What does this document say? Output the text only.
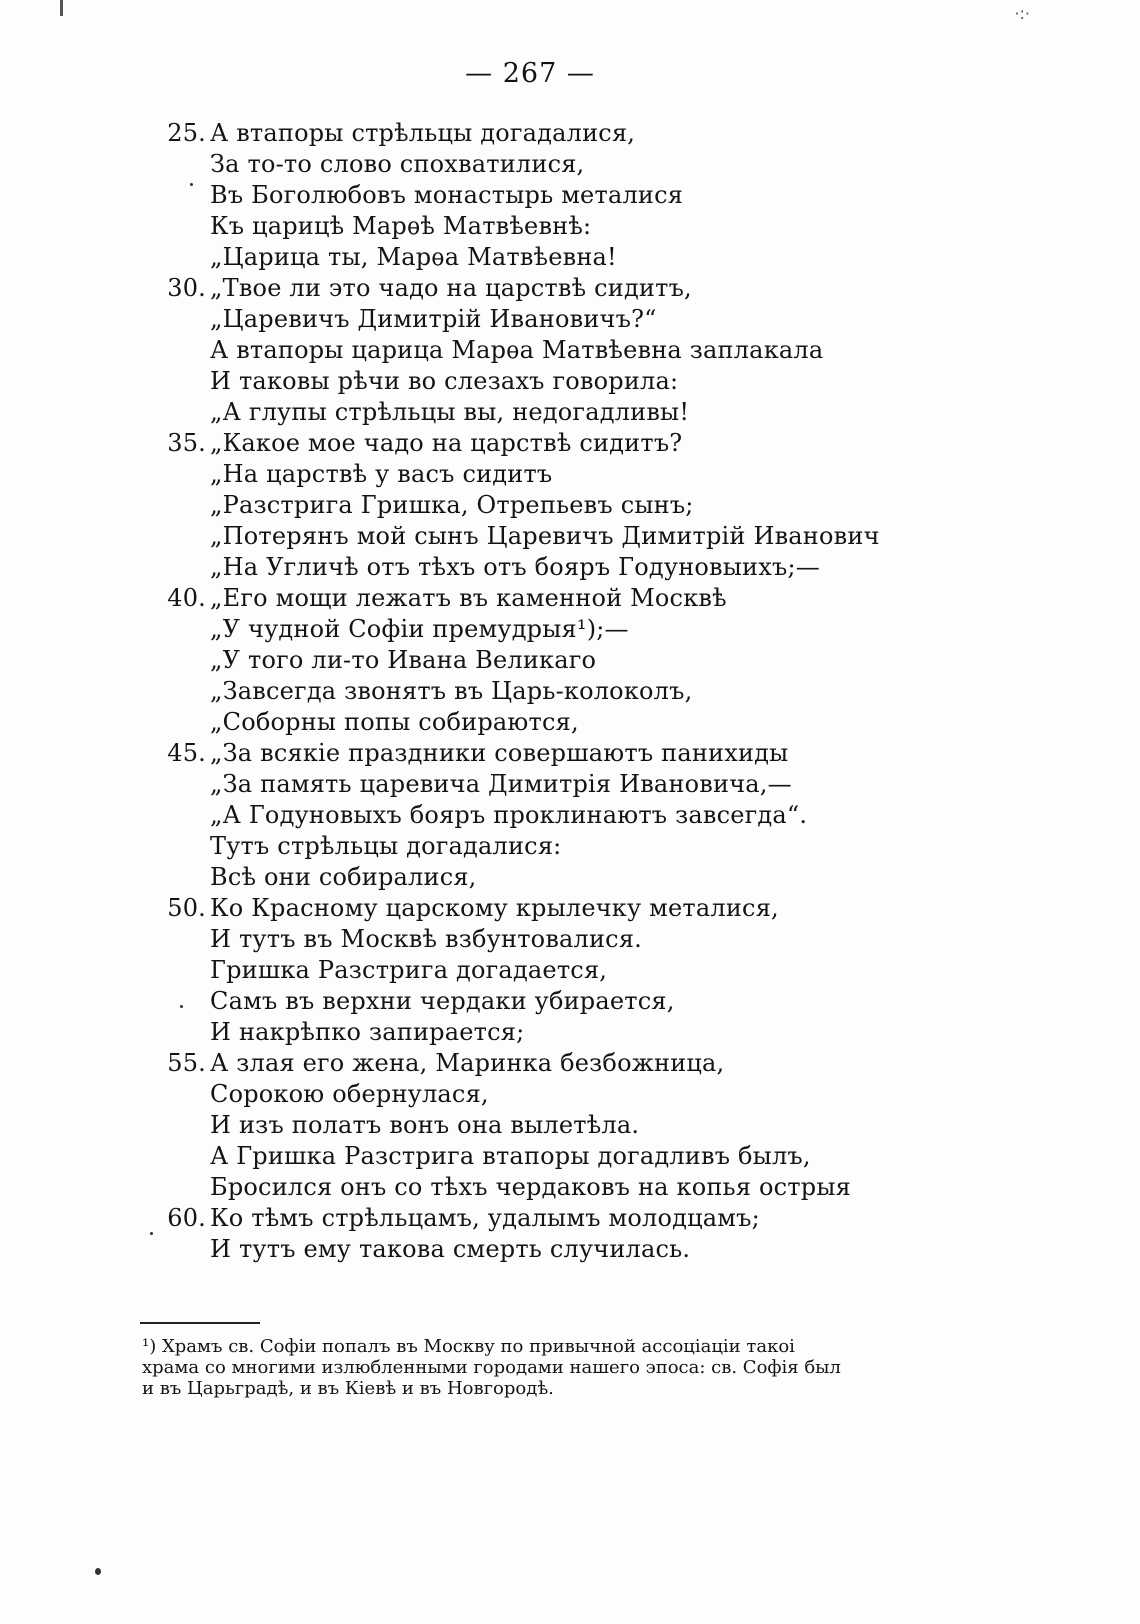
·:·
— 267 —
25. А втапоры стрѣльцы догадалися,
За то-то слово спохватилися,
Въ Боголюбовъ монастырь металися
Къ царицѣ Марѳѣ Матвѣевнѣ:
„Царица ты, Марѳа Матвѣевна!
30. „Твое ли это чадо на царствѣ сидитъ,
„Царевичъ Димитрій Ивановичъ?“
А втапоры царица Марѳа Матвѣевна заплакала
И таковы рѣчи во слезахъ говорила:
„А глупы стрѣльцы вы, недогадливы!
35. „Какое мое чадо на царствѣ сидитъ?
„На царствѣ у васъ сидитъ
„Разстрига Гришка, Отрепьевъ сынъ;
„Потерянъ мой сынъ Царевичъ Димитрій Иванович
„На Угличѣ отъ тѣхъ отъ бояръ Годуновыихъ;—
40. „Его мощи лежатъ въ каменной Москвѣ
„У чудной Софіи премудрыя¹);—
„У того ли-то Ивана Великаго
„Завсегда звонятъ въ Царь-колоколъ,
„Соборны попы собираются,
45. „За всякіе праздники совершаютъ панихиды
„За память царевича Димитрія Ивановича,—
„А Годуновыхъ бояръ проклинаютъ завсегда“.
Тутъ стрѣльцы догадалися:
Всѣ они собиралися,
50. Ко Красному царскому крылечку металися,
И тутъ въ Москвѣ взбунтовалися.
Гришка Разстрига догадается,
Самъ въ верхни чердаки убирается,
И накрѣпко запирается;
55. А злая его жена, Маринка безбожница,
Сорокою обернулася,
И изъ полатъ вонъ она вылетѣла.
А Гришка Разстрига втапоры догадливъ былъ,
Бросился онъ со тѣхъ чердаковъ на копья острыя
60. Ко тѣмъ стрѣльцамъ, удалымъ молодцамъ;
И тутъ ему такова смерть случилась.
¹) Храмъ св. Софіи попалъ въ Москву по привычной ассоціаціи такоі
храма со многими излюбленными городами нашего эпоса: св. Софія был
и въ Царьградѣ, и въ Кіевѣ и въ Новгородѣ.
